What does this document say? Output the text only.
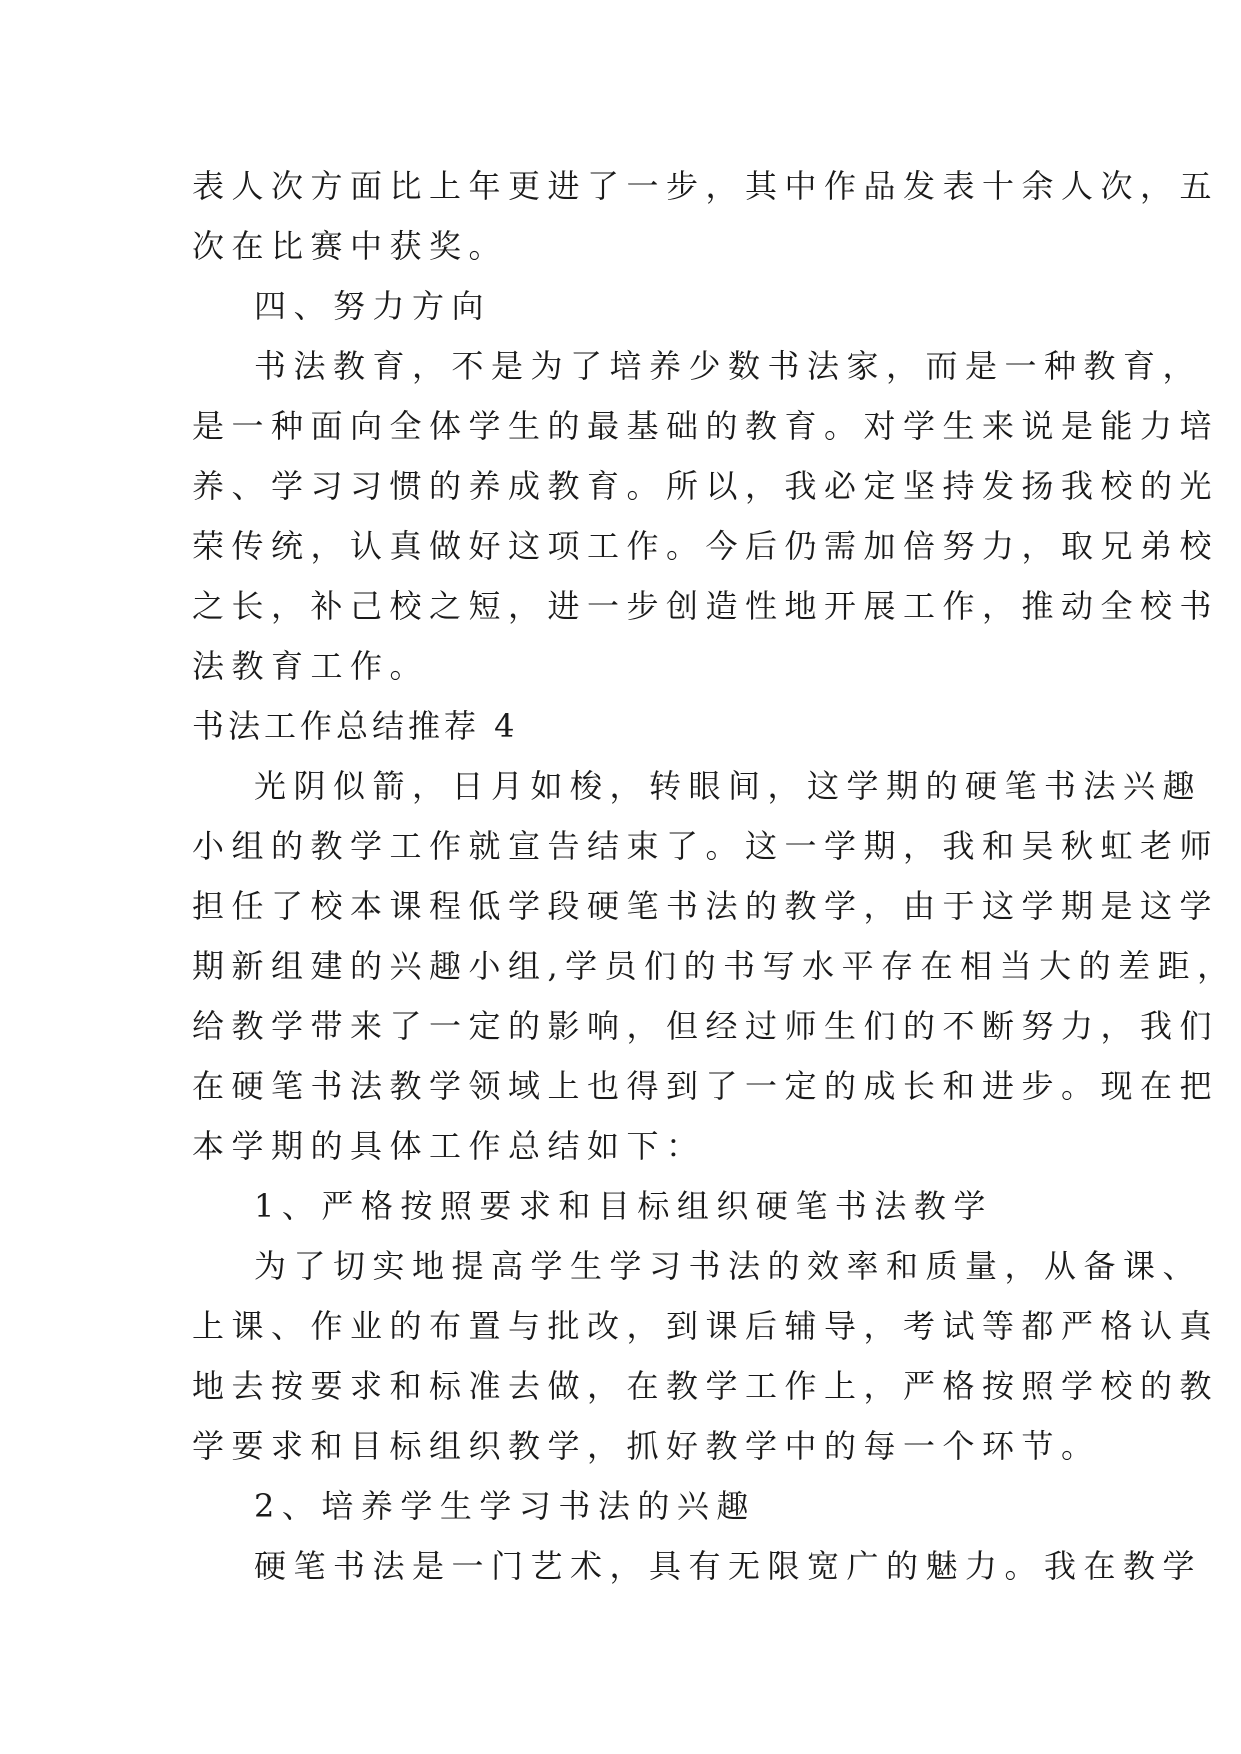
表人次方面比上年更进了一步，其中作品发表十余人次，五
次在比赛中获奖。
四、努力方向
书法教育，不是为了培养少数书法家，而是一种教育，
是一种面向全体学生的最基础的教育。对学生来说是能力培
养、学习习惯的养成教育。所以，我必定坚持发扬我校的光
荣传统，认真做好这项工作。今后仍需加倍努力，取兄弟校
之长，补己校之短，进一步创造性地开展工作，推动全校书
法教育工作。
书法工作总结推荐 4
光阴似箭，日月如梭，转眼间，这学期的硬笔书法兴趣
小组的教学工作就宣告结束了。这一学期，我和吴秋虹老师
担任了校本课程低学段硬笔书法的教学，由于这学期是这学
期新组建的兴趣小组,学员们的书写水平存在相当大的差距，
给教学带来了一定的影响，但经过师生们的不断努力，我们
在硬笔书法教学领域上也得到了一定的成长和进步。现在把
本学期的具体工作总结如下：
1、严格按照要求和目标组织硬笔书法教学
为了切实地提高学生学习书法的效率和质量，从备课、
上课、作业的布置与批改，到课后辅导，考试等都严格认真
地去按要求和标准去做，在教学工作上，严格按照学校的教
学要求和目标组织教学，抓好教学中的每一个环节。
2、培养学生学习书法的兴趣
硬笔书法是一门艺术，具有无限宽广的魅力。我在教学
